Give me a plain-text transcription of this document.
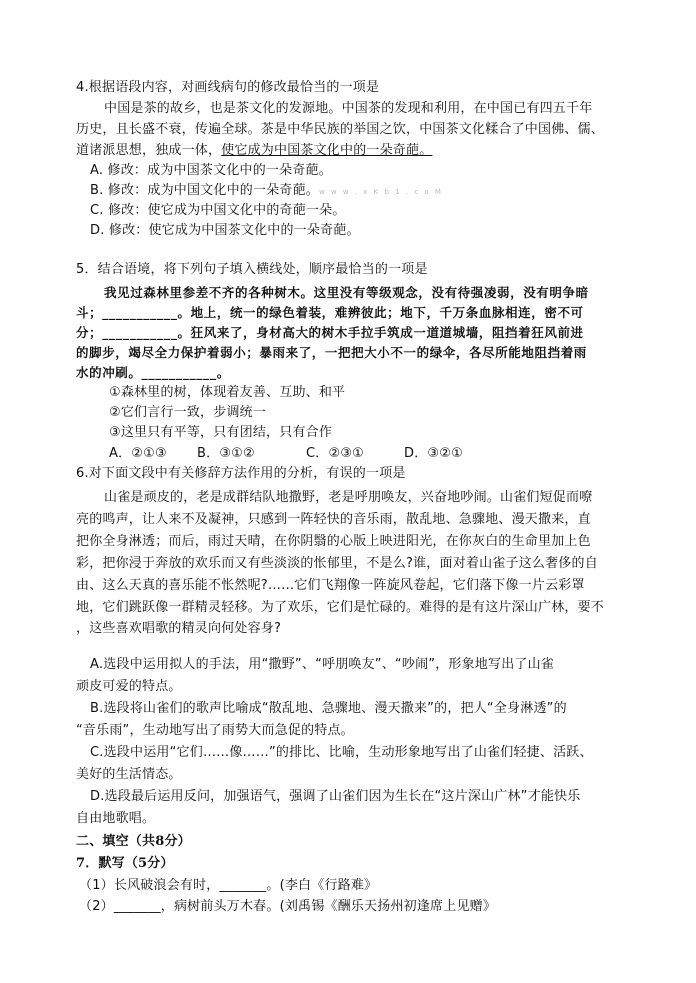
4.根据语段内容，对画线病句的修改最恰当的一项是
中国是茶的故乡，也是茶文化的发源地。中国茶的发现和利用，在中国已有四五千年
历史，且长盛不衰，传遍全球。茶是中华民族的举国之饮，中国茶文化糅合了中国佛、儒、
道诸派思想，独成一体，使它成为中国茶文化中的一朵奇葩。
A. 修改：成为中国茶文化中的一朵奇葩。
B. 修改：成为中国文化中的一朵奇葩。w w w . x K b 1 . c o M
C. 修改：使它成为中国文化中的奇葩一朵。
D. 修改：使它成为中国茶文化中的一朵奇葩。
5．结合语境，将下列句子填入横线处，顺序最恰当的一项是
我见过森林里参差不齐的各种树木。这里没有等级观念，没有待强凌弱，没有明争暗
斗；___________。地上，统一的绿色着装，难辨彼此；地下，千万条血脉相连，密不可
分；___________。狂风来了，身材高大的树木手拉手筑成一道道城墙，阻挡着狂风前进
的脚步，竭尽全力保护着弱小；暴雨来了，一把把大小不一的绿伞，各尽所能地阻挡着雨
水的冲刷。___________。
①森林里的树，体现着友善、互助、和平
②它们言行一致，步调统一
③这里只有平等，只有团结，只有合作
A．②①③ B．③①②	C．②③①	D．③②①
6.对下面文段中有关修辞方法作用的分析，有误的一项是
山雀是顽皮的，老是成群结队地撒野，老是呼朋唤友，兴奋地吵闹。山雀们短促而嘹
亮的鸣声，让人来不及凝神，只感到一阵轻快的音乐雨，散乱地、急骤地、漫天撒来，直
把你全身淋透；而后，雨过天晴，在你阴翳的心版上映进阳光，在你灰白的生命里加上色
彩，把你浸于奔放的欢乐而又有些淡淡的怅郁里，不是么?谁，面对着山雀子这么奢侈的自
由、这么天真的喜乐能不怅然呢?……它们飞翔像一阵旋风卷起，它们落下像一片云彩罩
地，它们跳跃像一群精灵轻移。为了欢乐，它们是忙碌的。难得的是有这片深山广林，要不
，这些喜欢唱歌的精灵向何处容身?
A.选段中运用拟人的手法，用“撒野”、“呼朋唤友”、“吵闹”，形象地写出了山雀
顽皮可爱的特点。
B.选段将山雀们的歌声比喻成“散乱地、急骤地、漫天撒来”的，把人“全身淋透”的
“音乐雨”，生动地写出了雨势大而急促的特点。
C.选段中运用“它们……像……”的排比、比喻，生动形象地写出了山雀们轻捷、活跃、
美好的生活情态。
D.选段最后运用反问，加强语气，强调了山雀们因为生长在“这片深山广林”才能快乐
自由地歌唱。
二、填空（共8分）
7．默写（5分）
（1）长风破浪会有时，_______。(李白《行路难》
（2）_______，病树前头万木春。(刘禹锡《酬乐天扬州初逢席上见赠》
